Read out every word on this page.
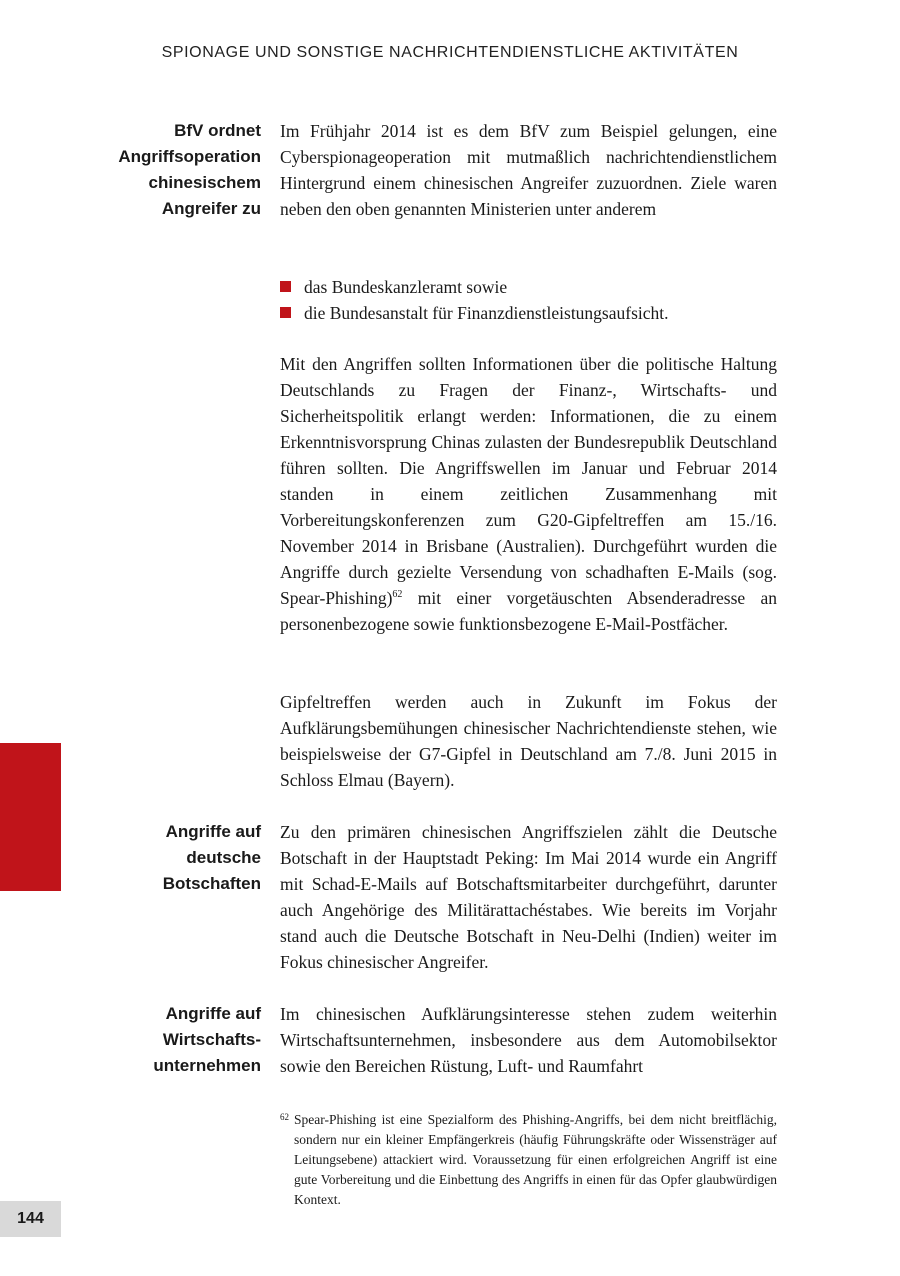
SPIONAGE UND SONSTIGE NACHRICHTENDIENSTLICHE AKTIVITÄTEN
BfV ordnet
Angriffsoperation
chinesischem
Angreifer zu

Im Frühjahr 2014 ist es dem BfV zum Beispiel gelungen, eine Cyberspionageoperation mit mutmaßlich nachrichtendienstlichem Hintergrund einem chinesischen Angreifer zuzuordnen. Ziele waren neben den oben genannten Ministerien unter anderem

das Bundeskanzleramt sowie
die Bundesanstalt für Finanzdienstleistungsaufsicht.

Mit den Angriffen sollten Informationen über die politische Haltung Deutschlands zu Fragen der Finanz-, Wirtschafts- und Sicherheitspolitik erlangt werden: Informationen, die zu einem Erkenntnisvorsprung Chinas zulasten der Bundesrepublik Deutschland führen sollten. Die Angriffswellen im Januar und Februar 2014 standen in einem zeitlichen Zusammenhang mit Vorbereitungskonferenzen zum G20-Gipfeltreffen am 15./16. November 2014 in Brisbane (Australien). Durchgeführt wurden die Angriffe durch gezielte Versendung von schadhaften E-Mails (sog. Spear-Phishing)$^{62}$ mit einer vorgetäuschten Absenderadresse an personenbezogene sowie funktionsbezogene E-Mail-Postfächer.

Gipfeltreffen werden auch in Zukunft im Fokus der Aufklärungsbemühungen chinesischer Nachrichtendienste stehen, wie beispielsweise der G7-Gipfel in Deutschland am 7./8. Juni 2015 in Schloss Elmau (Bayern).

Angriffe auf
deutsche
Botschaften

Zu den primären chinesischen Angriffszielen zählt die Deutsche Botschaft in der Hauptstadt Peking: Im Mai 2014 wurde ein Angriff mit Schad-E-Mails auf Botschaftsmitarbeiter durchgeführt, darunter auch Angehörige des Militärattachéstabes. Wie bereits im Vorjahr stand auch die Deutsche Botschaft in Neu-Delhi (Indien) weiter im Fokus chinesischer Angreifer.

Angriffe auf
Wirtschafts-
unternehmen

Im chinesischen Aufklärungsinteresse stehen zudem weiterhin Wirtschaftsunternehmen, insbesondere aus dem Automobilsektor sowie den Bereichen Rüstung, Luft- und Raumfahrt

62 Spear-Phishing ist eine Spezialform des Phishing-Angriffs, bei dem nicht breitflächig, sondern nur ein kleiner Empfängerkreis (häufig Führungskräfte oder Wissensträger auf Leitungsebene) attackiert wird. Voraussetzung für einen erfolgreichen Angriff ist eine gute Vorbereitung und die Einbettung des Angriffs in einen für das Opfer glaubwürdigen Kontext.
144
